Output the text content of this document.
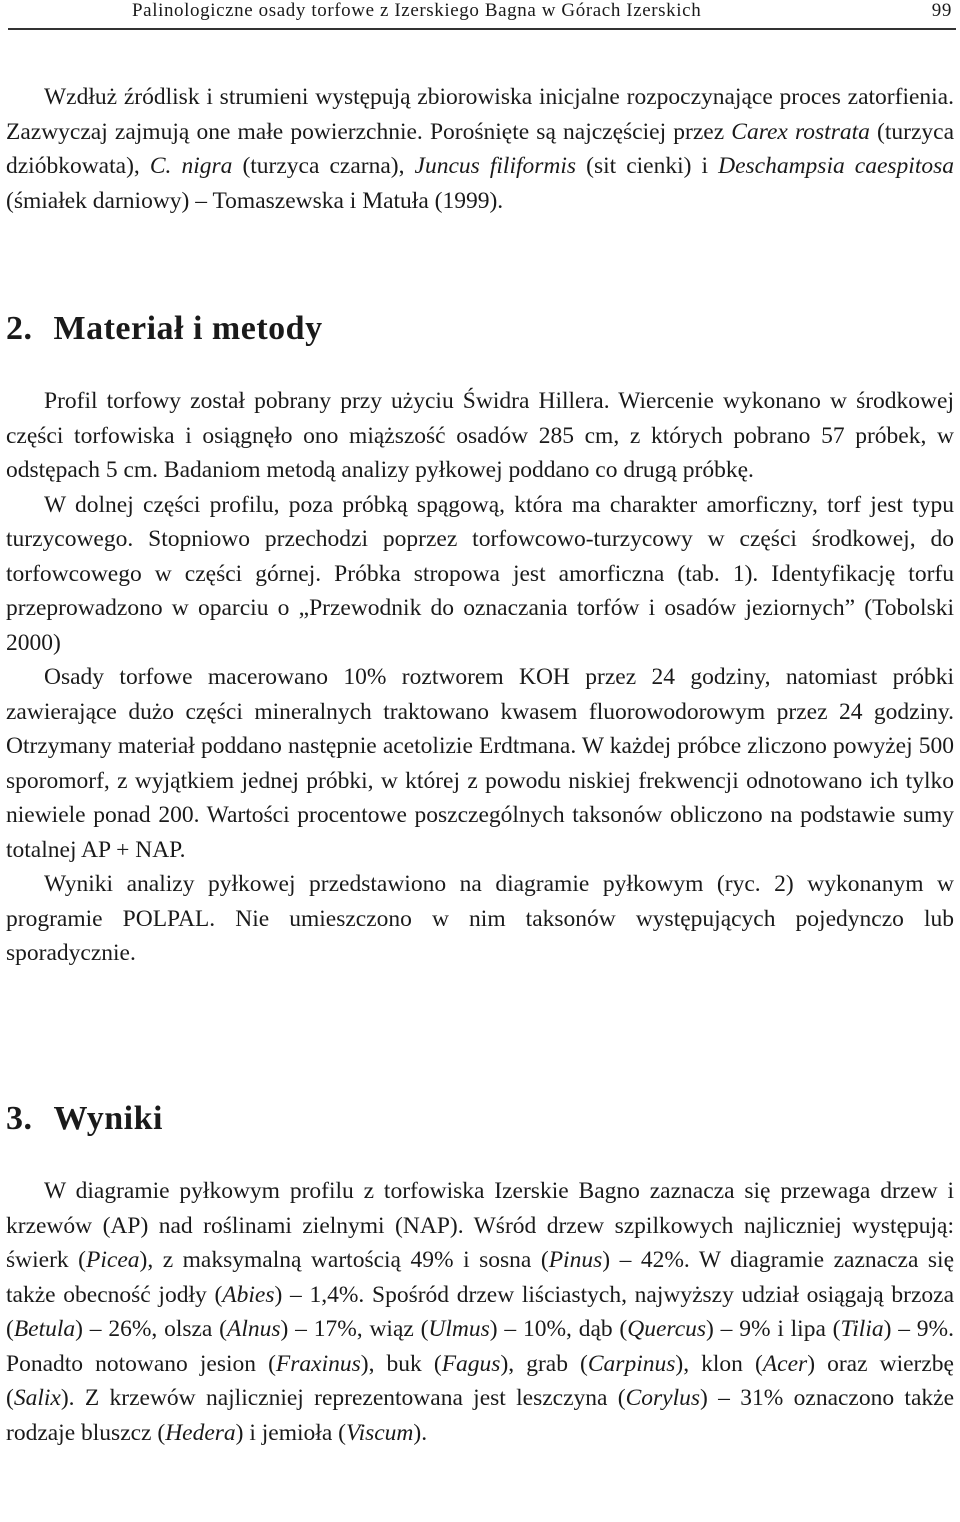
Palinologiczne osady torfowe z Izerskiego Bagna w Górach Izerskich	99

Wzdłuż źródlisk i strumieni występują zbiorowiska inicjalne rozpoczynające proces zatorfienia. Zazwyczaj zajmują one małe powierzchnie. Porośnięte są najczęściej przez Carex rostrata (turzyca dzióbkowata), C. nigra (turzyca czarna), Juncus filiformis (sit cienki) i Deschampsia caespitosa (śmiałek darniowy) – Tomaszewska i Matuła (1999).

2. Materiał i metody

Profil torfowy został pobrany przy użyciu Świdra Hillera. Wiercenie wykonano w środkowej części torfowiska i osiągnęło ono miąższość osadów 285 cm, z których pobrano 57 próbek, w odstępach 5 cm. Badaniom metodą analizy pyłkowej poddano co drugą próbkę.

W dolnej części profilu, poza próbką spągową, która ma charakter amorficzny, torf jest typu turzycowego. Stopniowo przechodzi poprzez torfowcowo-turzycowy w części środkowej, do torfowcowego w części górnej. Próbka stropowa jest amorficzna (tab. 1). Identyfikację torfu przeprowadzono w oparciu o „Przewodnik do oznaczania torfów i osadów jeziornych” (Tobolski 2000)

Osady torfowe macerowano 10% roztworem KOH przez 24 godziny, natomiast próbki zawierające dużo części mineralnych traktowano kwasem fluorowodorowym przez 24 godziny. Otrzymany materiał poddano następnie acetolizie Erdtmana. W każdej próbce zliczono powyżej 500 sporomorf, z wyjątkiem jednej próbki, w której z powodu niskiej frekwencji odnotowano ich tylko niewiele ponad 200. Wartości procentowe poszczególnych taksonów obliczono na podstawie sumy totalnej AP + NAP.

Wyniki analizy pyłkowej przedstawiono na diagramie pyłkowym (ryc. 2) wykonanym w programie POLPAL. Nie umieszczono w nim taksonów występujących pojedynczo lub sporadycznie.

3. Wyniki

W diagramie pyłkowym profilu z torfowiska Izerskie Bagno zaznacza się przewaga drzew i krzewów (AP) nad roślinami zielnymi (NAP). Wśród drzew szpilkowych najliczniej występują: świerk (Picea), z maksymalną wartością 49% i sosna (Pinus) – 42%. W diagramie zaznacza się także obecność jodły (Abies) – 1,4%. Spośród drzew liściastych, najwyższy udział osiągają brzoza (Betula) – 26%, olsza (Alnus) – 17%, wiąz (Ulmus) – 10%, dąb (Quercus) – 9% i lipa (Tilia) – 9%. Ponadto notowano jesion (Fraxinus), buk (Fagus), grab (Carpinus), klon (Acer) oraz wierzbę (Salix). Z krzewów najliczniej reprezentowana jest leszczyna (Corylus) – 31% oznaczono także rodzaje bluszcz (Hedera) i jemioła (Viscum).
